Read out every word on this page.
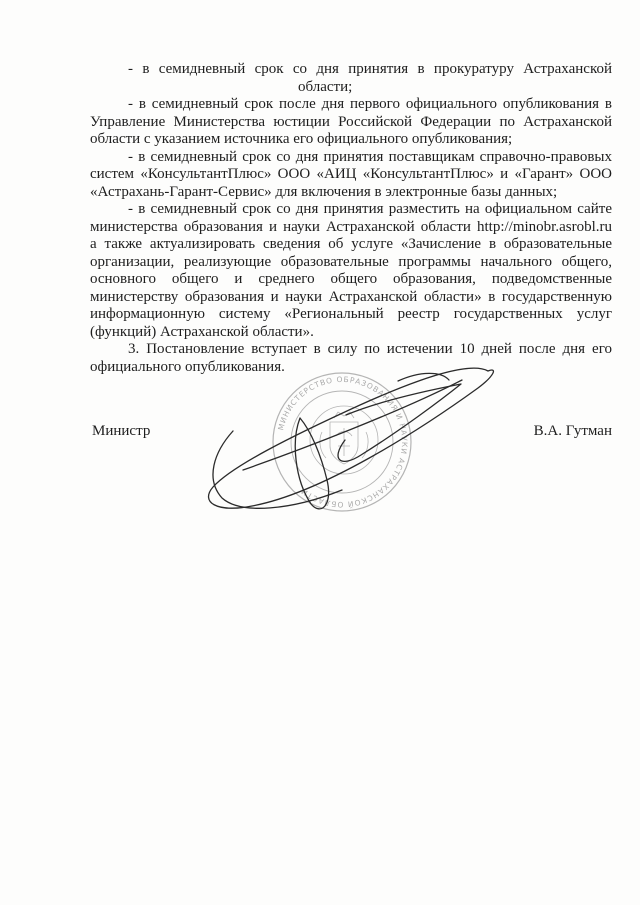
- в семидневный срок со дня принятия в прокуратуру Астраханской
области;
- в семидневный срок после дня первого официального опубликования в
Управление Министерства юстиции Российской Федерации по Астраханской
области с указанием источника его официального опубликования;
- в семидневный срок со дня принятия поставщикам справочно-правовых
систем «КонсультантПлюс» ООО «АИЦ «КонсультантПлюс» и «Гарант» ООО
«Астрахань-Гарант-Сервис» для включения в электронные базы данных;
- в семидневный срок со дня принятия разместить на официальном сайте
министерства образования и науки Астраханской области http://minobr.asrobl.ru
а также актуализировать сведения об услуге «Зачисление в образовательные
организации, реализующие образовательные программы начального общего,
основного общего и среднего общего образования, подведомственные
министерству образования и науки Астраханской области» в государственную
информационную систему «Региональный реестр государственных услуг
(функций) Астраханской области».
3. Постановление вступает в силу по истечении 10 дней после дня его
официального опубликования.
МИНИСТЕРСТВО ОБРАЗОВАНИЯ И НАУКИ АСТРАХАНСКОЙ ОБЛАСТИ
Министр	В.А. Гутман
